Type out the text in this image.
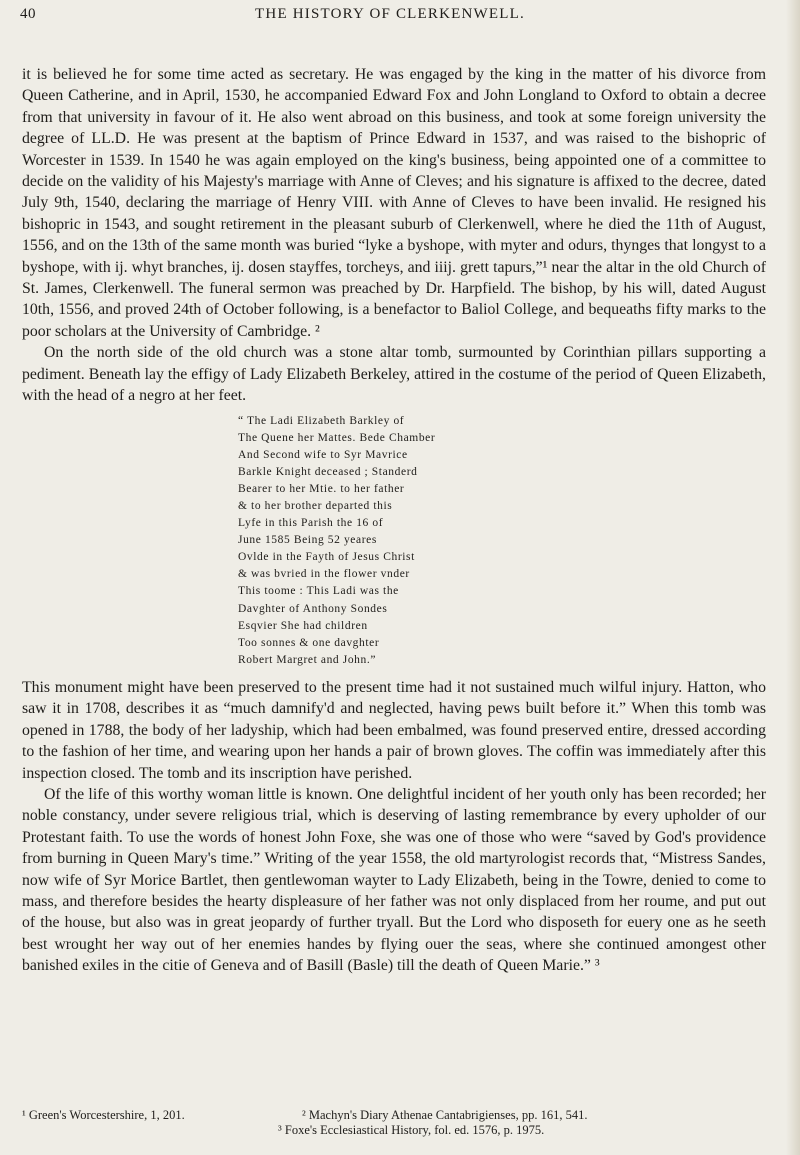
40	THE HISTORY OF CLERKENWELL.

it is believed he for some time acted as secretary. He was engaged by the king in the matter of his divorce from Queen Catherine, and in April, 1530, he accompanied Edward Fox and John Longland to Oxford to obtain a decree from that university in favour of it. He also went abroad on this business, and took at some foreign university the degree of LL.D. He was present at the baptism of Prince Edward in 1537, and was raised to the bishopric of Worcester in 1539. In 1540 he was again employed on the king's business, being appointed one of a committee to decide on the validity of his Majesty's marriage with Anne of Cleves; and his signature is affixed to the decree, dated July 9th, 1540, declaring the marriage of Henry VIII. with Anne of Cleves to have been invalid. He resigned his bishopric in 1543, and sought retirement in the pleasant suburb of Clerkenwell, where he died the 11th of August, 1556, and on the 13th of the same month was buried “lyke a byshope, with myter and odurs, thynges that longyst to a byshope, with ij. whyt branches, ij. dosen stayffes, torcheys, and iiij. grett tapurs,”¹ near the altar in the old Church of St. James, Clerkenwell. The funeral sermon was preached by Dr. Harpfield. The bishop, by his will, dated August 10th, 1556, and proved 24th of October following, is a benefactor to Baliol College, and bequeaths fifty marks to the poor scholars at the University of Cambridge. ²

On the north side of the old church was a stone altar tomb, surmounted by Corinthian pillars supporting a pediment. Beneath lay the effigy of Lady Elizabeth Berkeley, attired in the costume of the period of Queen Elizabeth, with the head of a negro at her feet.

“ The Ladi Elizabeth Barkley of
The Quene her Mattes. Bede Chamber
And Second wife to Syr Mavrice
Barkle Knight deceased ; Standerd
Bearer to her Mtie. to her father
& to her brother departed this
Lyfe in this Parish the 16 of
June 1585 Being 52 yeares
Ovlde in the Fayth of Jesus Christ
& was bvried in the flower vnder
This toome : This Ladi was the
Davghter of Anthony Sondes
Esqvier She had children
Too sonnes & one davghter
Robert Margret and John.”

This monument might have been preserved to the present time had it not sustained much wilful injury. Hatton, who saw it in 1708, describes it as “much damnify'd and neglected, having pews built before it.” When this tomb was opened in 1788, the body of her ladyship, which had been embalmed, was found preserved entire, dressed according to the fashion of her time, and wearing upon her hands a pair of brown gloves. The coffin was immediately after this inspection closed. The tomb and its inscription have perished.

Of the life of this worthy woman little is known. One delightful incident of her youth only has been recorded; her noble constancy, under severe religious trial, which is deserving of lasting remembrance by every upholder of our Protestant faith. To use the words of honest John Foxe, she was one of those who were “saved by God's providence from burning in Queen Mary's time.” Writing of the year 1558, the old martyrologist records that, “Mistress Sandes, now wife of Syr Morice Bartlet, then gentlewoman wayter to Lady Elizabeth, being in the Towre, denied to come to mass, and therefore besides the hearty displeasure of her father was not only displaced from her roume, and put out of the house, but also was in great jeopardy of further tryall. But the Lord who disposeth for euery one as he seeth best wrought her way out of her enemies handes by flying ouer the seas, where she continued amongest other banished exiles in the citie of Geneva and of Basill (Basle) till the death of Queen Marie.” ³

¹ Green's Worcestershire, 1, 201.	² Machyn's Diary Athenae Cantabrigienses, pp. 161, 541.
³ Foxe's Ecclesiastical History, fol. ed. 1576, p. 1975.
